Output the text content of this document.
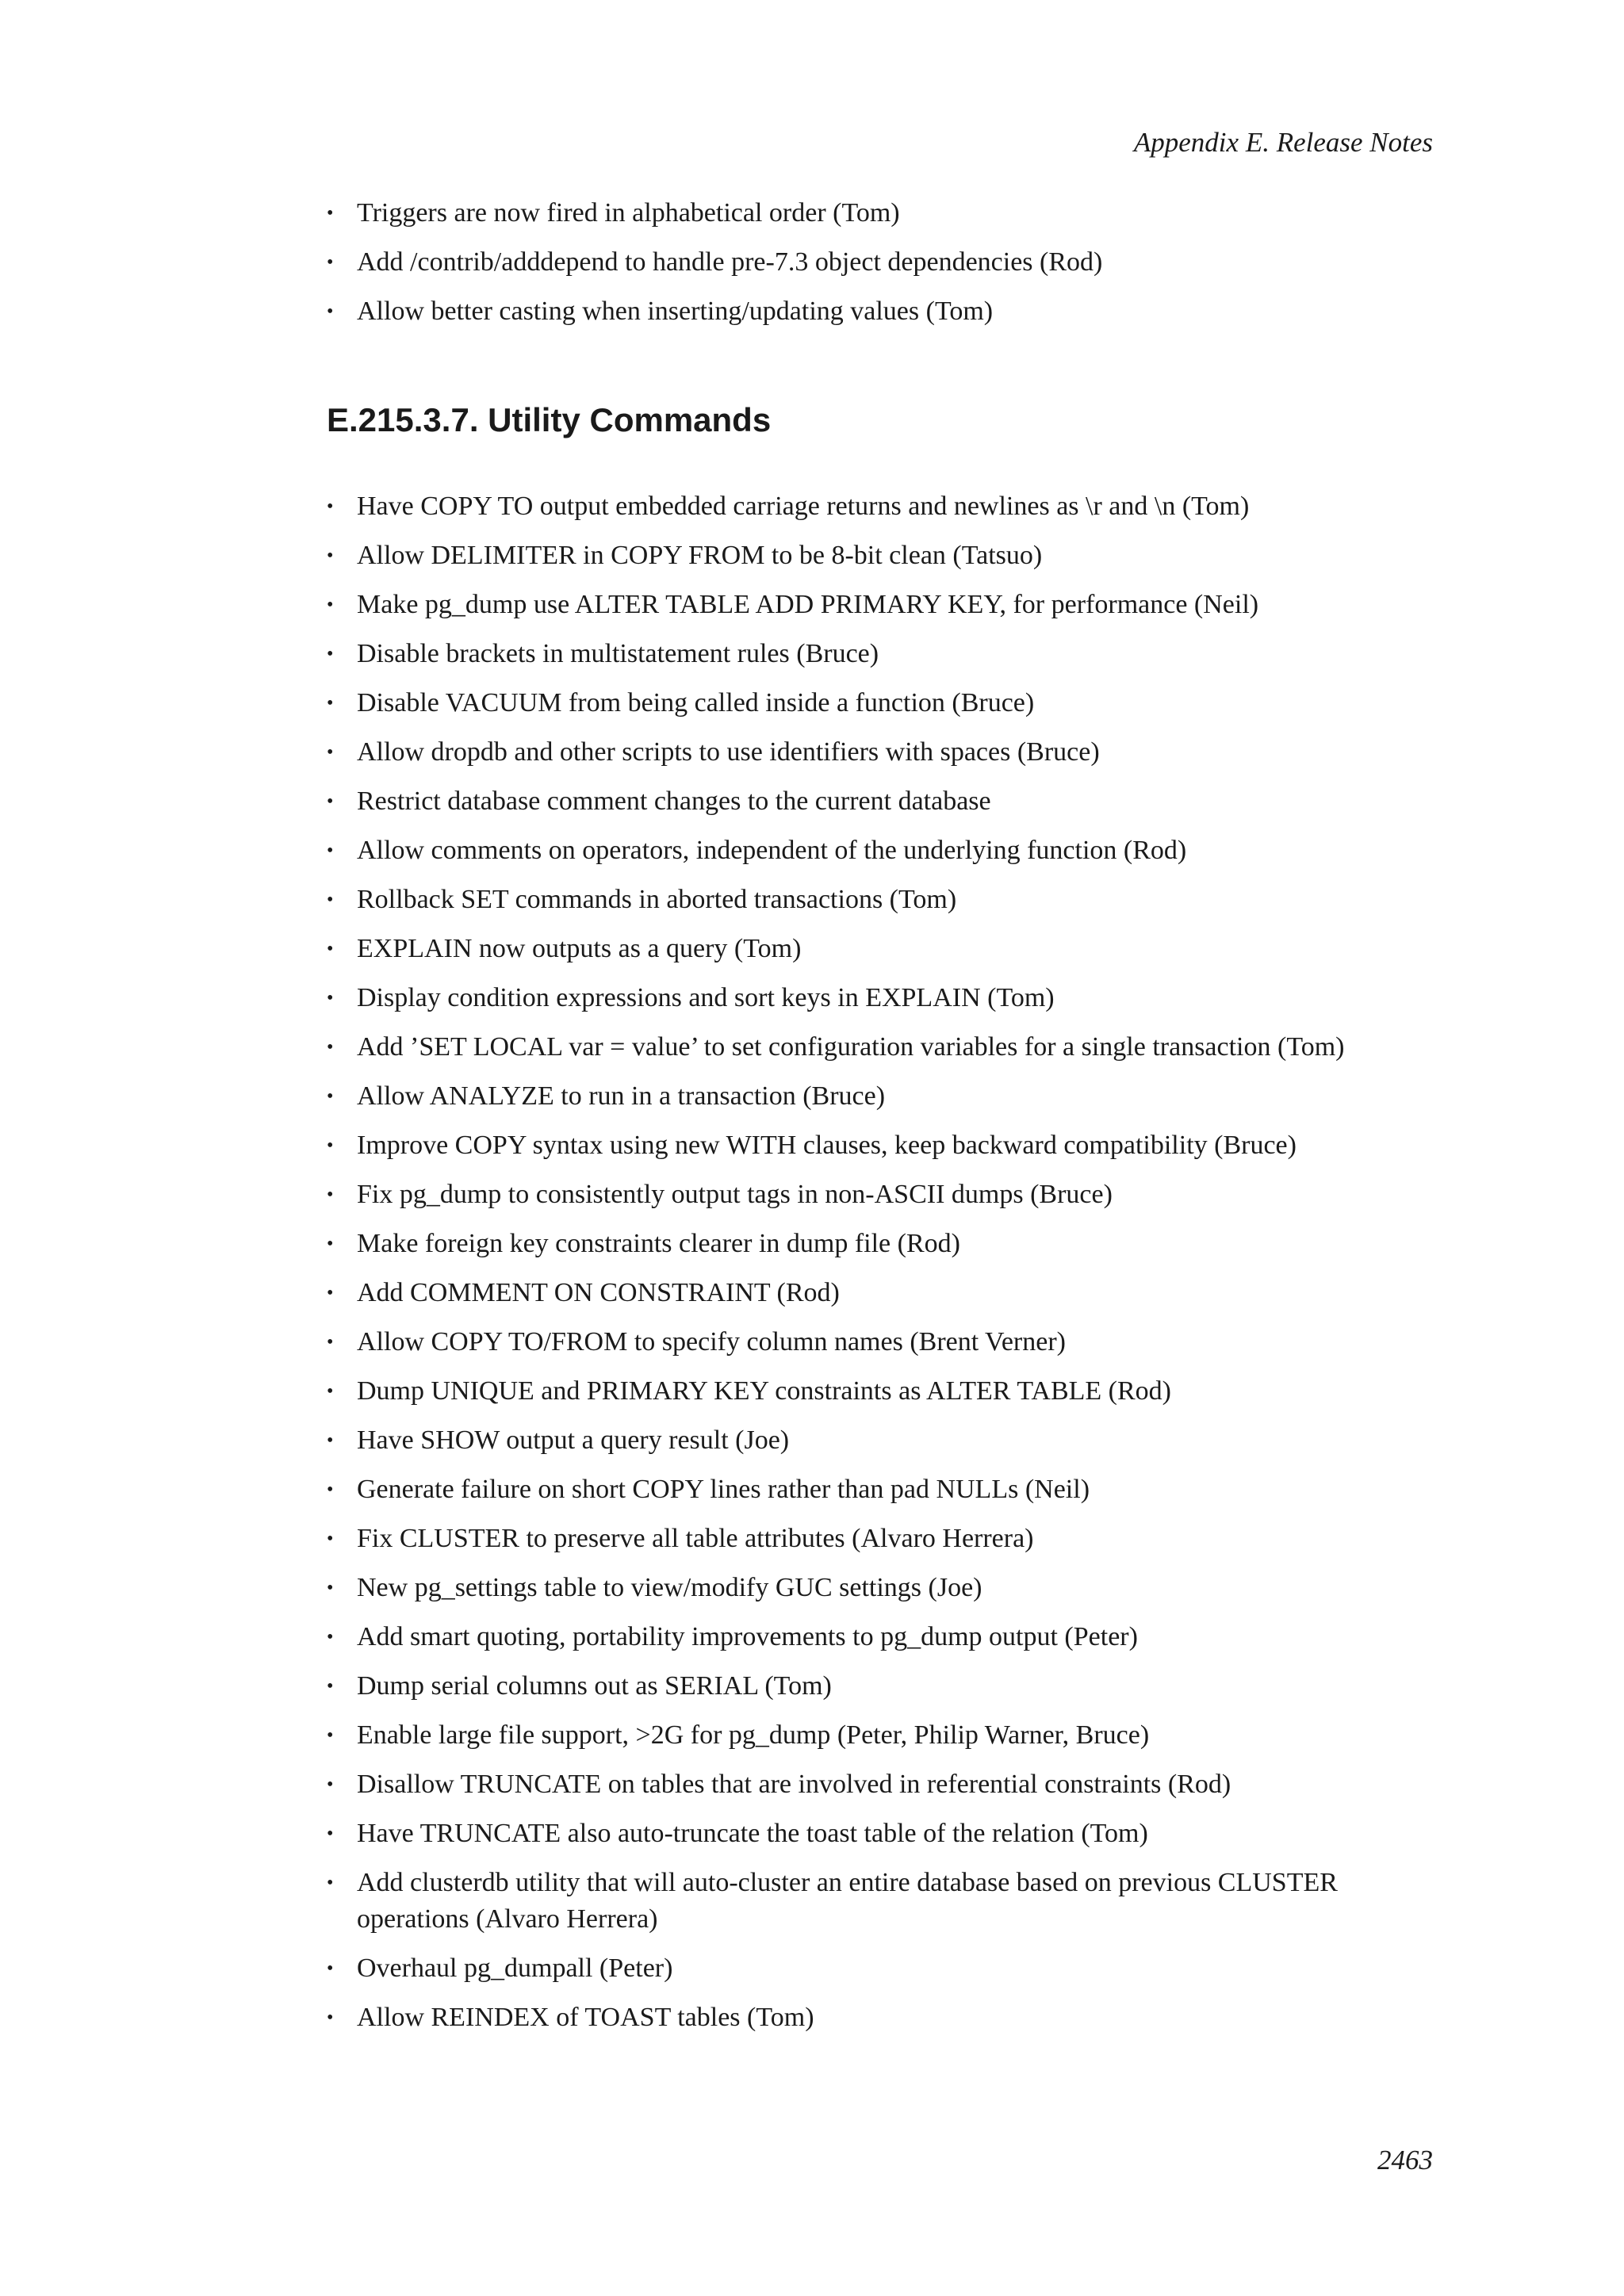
Appendix E. Release Notes
• Triggers are now fired in alphabetical order (Tom)
• Add /contrib/adddepend to handle pre-7.3 object dependencies (Rod)
• Allow better casting when inserting/updating values (Tom)
E.215.3.7. Utility Commands
• Have COPY TO output embedded carriage returns and newlines as \r and \n (Tom)
• Allow DELIMITER in COPY FROM to be 8-bit clean (Tatsuo)
• Make pg_dump use ALTER TABLE ADD PRIMARY KEY, for performance (Neil)
• Disable brackets in multistatement rules (Bruce)
• Disable VACUUM from being called inside a function (Bruce)
• Allow dropdb and other scripts to use identifiers with spaces (Bruce)
• Restrict database comment changes to the current database
• Allow comments on operators, independent of the underlying function (Rod)
• Rollback SET commands in aborted transactions (Tom)
• EXPLAIN now outputs as a query (Tom)
• Display condition expressions and sort keys in EXPLAIN (Tom)
• Add ’SET LOCAL var = value’ to set configuration variables for a single transaction (Tom)
• Allow ANALYZE to run in a transaction (Bruce)
• Improve COPY syntax using new WITH clauses, keep backward compatibility (Bruce)
• Fix pg_dump to consistently output tags in non-ASCII dumps (Bruce)
• Make foreign key constraints clearer in dump file (Rod)
• Add COMMENT ON CONSTRAINT (Rod)
• Allow COPY TO/FROM to specify column names (Brent Verner)
• Dump UNIQUE and PRIMARY KEY constraints as ALTER TABLE (Rod)
• Have SHOW output a query result (Joe)
• Generate failure on short COPY lines rather than pad NULLs (Neil)
• Fix CLUSTER to preserve all table attributes (Alvaro Herrera)
• New pg_settings table to view/modify GUC settings (Joe)
• Add smart quoting, portability improvements to pg_dump output (Peter)
• Dump serial columns out as SERIAL (Tom)
• Enable large file support, >2G for pg_dump (Peter, Philip Warner, Bruce)
• Disallow TRUNCATE on tables that are involved in referential constraints (Rod)
• Have TRUNCATE also auto-truncate the toast table of the relation (Tom)
• Add clusterdb utility that will auto-cluster an entire database based on previous CLUSTER operations (Alvaro Herrera)
• Overhaul pg_dumpall (Peter)
• Allow REINDEX of TOAST tables (Tom)
2463
